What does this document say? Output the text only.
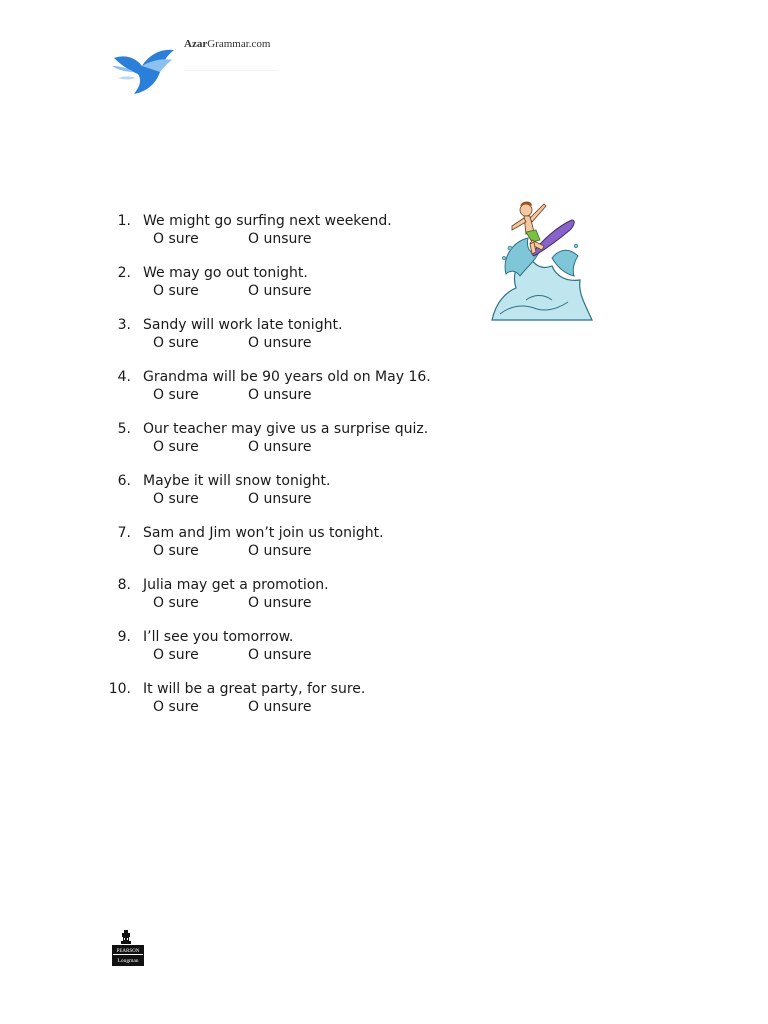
AzarGrammar.com
1. We might go surfing next weekend.
O sure	O unsure
2. We may go out tonight.
O sure	O unsure
3. Sandy will work late tonight.
O sure	O unsure
4. Grandma will be 90 years old on May 16.
O sure	O unsure
5. Our teacher may give us a surprise quiz.
O sure	O unsure
6. Maybe it will snow tonight.
O sure	O unsure
7. Sam and Jim won’t join us tonight.
O sure	O unsure
8. Julia may get a promotion.
O sure	O unsure
9. I’ll see you tomorrow.
O sure	O unsure
10. It will be a great party, for sure.
O sure	O unsure
PEARSON
Longman
